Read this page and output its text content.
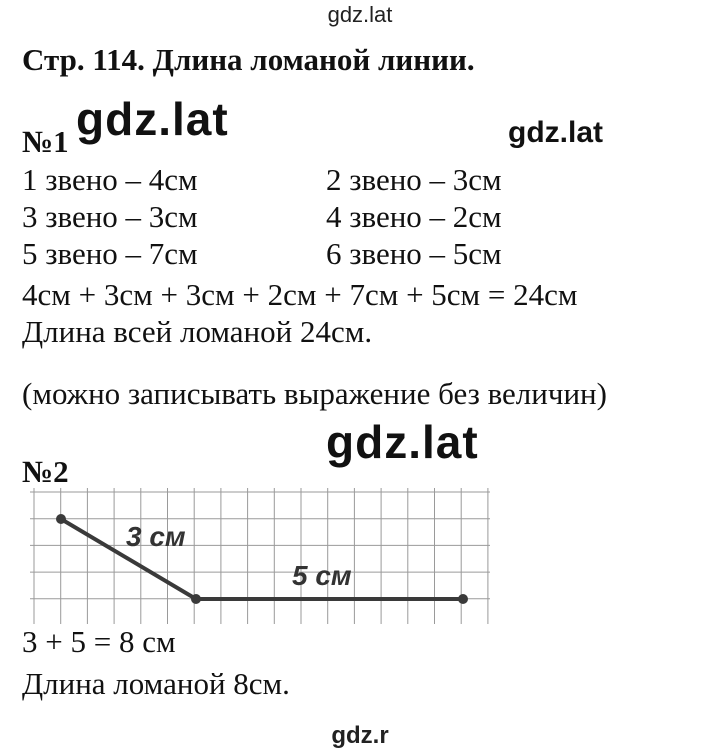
gdz.lat
Стр. 114. Длина ломаной линии.
№1 gdz.lat	gdz.lat
1 звено – 4см	2 звено – 3см
3 звено – 3см	4 звено – 2см
5 звено – 7см	6 звено – 5см
4см + 3см + 3см + 2см + 7см + 5см = 24см
Длина всей ломаной 24см.
(можно записывать выражение без величин)
gdz.lat
№2
3 см
5 см
3 + 5 = 8 см
Длина ломаной 8см.
gdz.r
